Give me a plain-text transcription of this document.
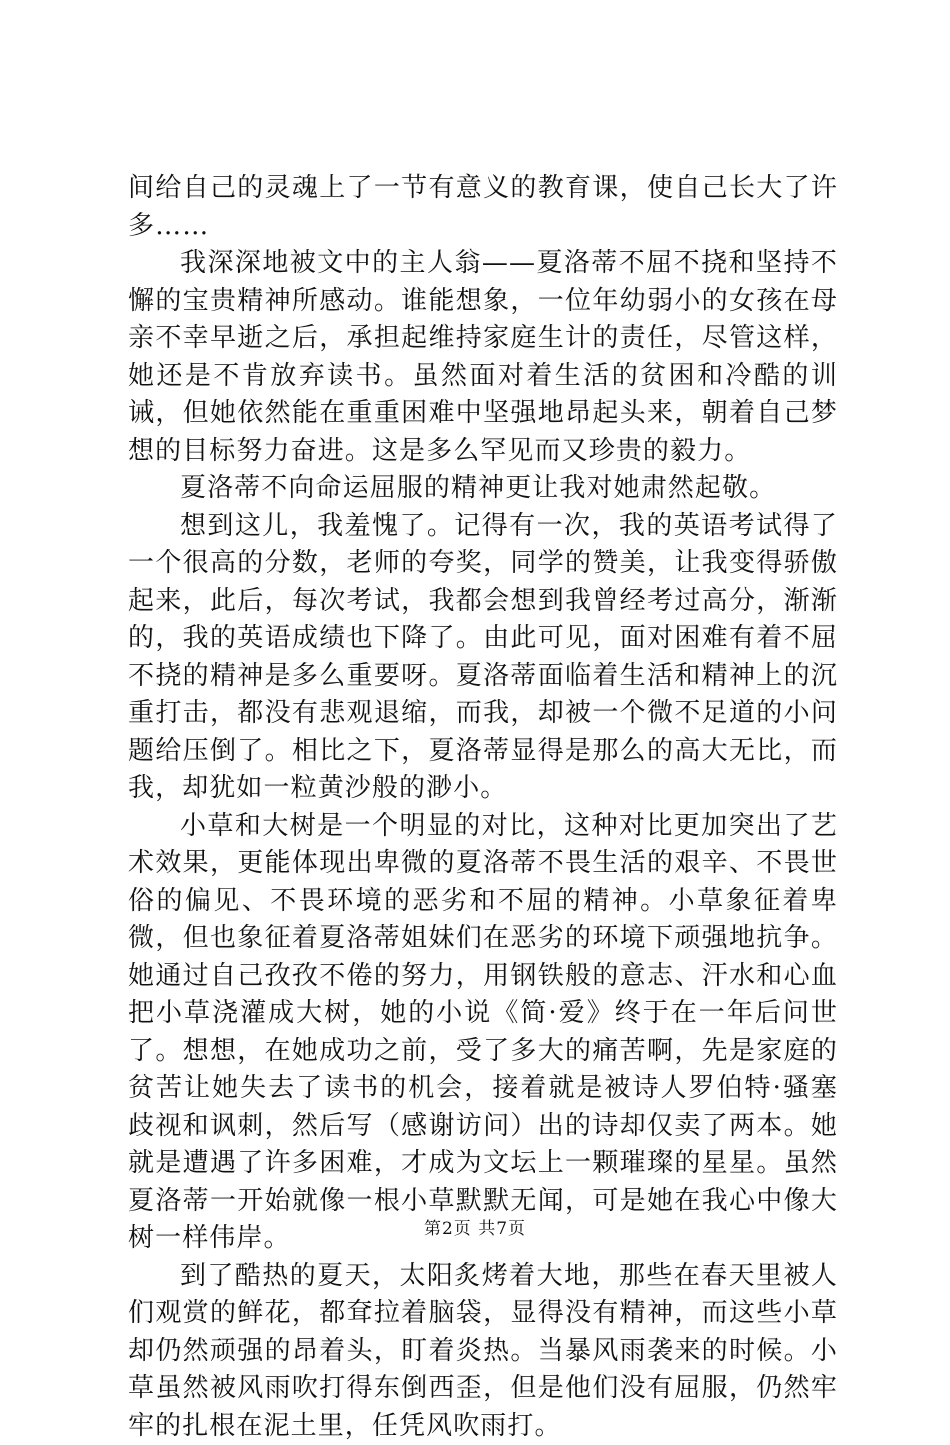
间给自己的灵魂上了一节有意义的教育课，使自己长大了许多……

我深深地被文中的主人翁——夏洛蒂不屈不挠和坚持不懈的宝贵精神所感动。谁能想象，一位年幼弱小的女孩在母亲不幸早逝之后，承担起维持家庭生计的责任，尽管这样，她还是不肯放弃读书。虽然面对着生活的贫困和冷酷的训诫，但她依然能在重重困难中坚强地昂起头来，朝着自己梦想的目标努力奋进。这是多么罕见而又珍贵的毅力。

夏洛蒂不向命运屈服的精神更让我对她肃然起敬。

想到这儿，我羞愧了。记得有一次，我的英语考试得了一个很高的分数，老师的夸奖，同学的赞美，让我变得骄傲起来，此后，每次考试，我都会想到我曾经考过高分，渐渐的，我的英语成绩也下降了。由此可见，面对困难有着不屈不挠的精神是多么重要呀。夏洛蒂面临着生活和精神上的沉重打击，都没有悲观退缩，而我，却被一个微不足道的小问题给压倒了。相比之下，夏洛蒂显得是那么的高大无比，而我，却犹如一粒黄沙般的渺小。

小草和大树是一个明显的对比，这种对比更加突出了艺术效果，更能体现出卑微的夏洛蒂不畏生活的艰辛、不畏世俗的偏见、不畏环境的恶劣和不屈的精神。小草象征着卑微，但也象征着夏洛蒂姐妹们在恶劣的环境下顽强地抗争。她通过自己孜孜不倦的努力，用钢铁般的意志、汗水和心血把小草浇灌成大树，她的小说《简·爱》终于在一年后问世了。想想，在她成功之前，受了多大的痛苦啊，先是家庭的贫苦让她失去了读书的机会，接着就是被诗人罗伯特·骚塞歧视和讽刺，然后写（感谢访问）出的诗却仅卖了两本。她就是遭遇了许多困难，才成为文坛上一颗璀璨的星星。虽然夏洛蒂一开始就像一根小草默默无闻，可是她在我心中像大树一样伟岸。

到了酷热的夏天，太阳炙烤着大地，那些在春天里被人们观赏的鲜花，都耷拉着脑袋，显得没有精神，而这些小草却仍然顽强的昂着头，盯着炎热。当暴风雨袭来的时候。小草虽然被风雨吹打得东倒西歪，但是他们没有屈服，仍然牢牢的扎根在泥土里，任凭风吹雨打。

第2页 共7页
